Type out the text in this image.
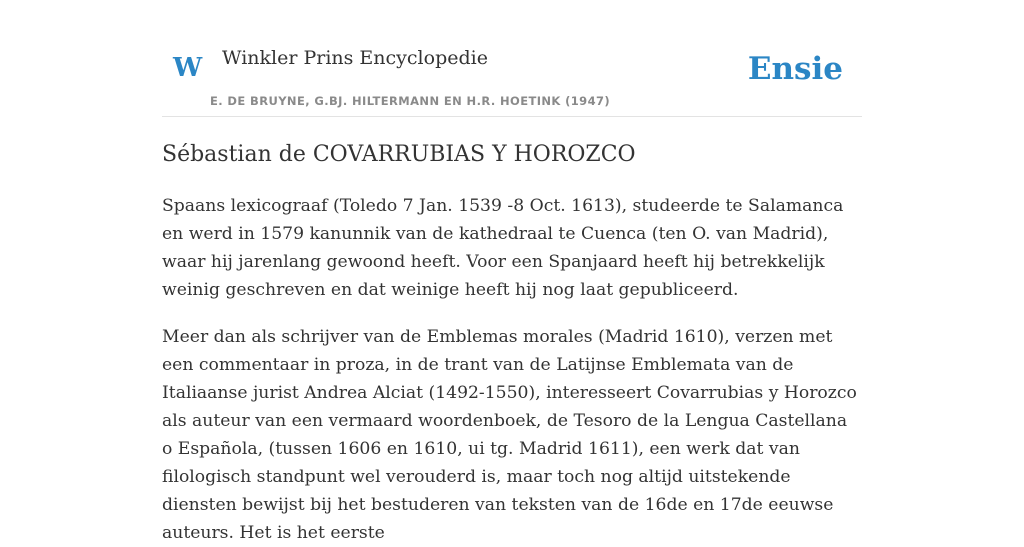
W Winkler Prins Encyclopedie
E. DE BRUYNE, G.BJ. HILTERMANN EN H.R. HOETINK (1947)
Ensie
Sébastian de COVARRUBIAS Y HOROZCO

Spaans lexicograaf (Toledo 7 Jan. 1539 -8 Oct. 1613), studeerde te Salamanca en werd in 1579 kanunnik van de kathedraal te Cuenca (ten O. van Madrid), waar hij jarenlang gewoond heeft. Voor een Spanjaard heeft hij betrekkelijk weinig geschreven en dat weinige heeft hij nog laat gepubliceerd.

Meer dan als schrijver van de Emblemas morales (Madrid 1610), verzen met een commentaar in proza, in de trant van de Latijnse Emblemata van de Italiaanse jurist Andrea Alciat (1492-1550), interesseert Covarrubias y Horozco als auteur van een vermaard woordenboek, de Tesoro de la Lengua Castellana o Española, (tussen 1606 en 1610, ui tg. Madrid 1611), een werk dat van filologisch standpunt wel verouderd is, maar toch nog altijd uitstekende diensten bewijst bij het bestuderen van teksten van de 16de en 17de eeuwse auteurs. Het is het eerste
